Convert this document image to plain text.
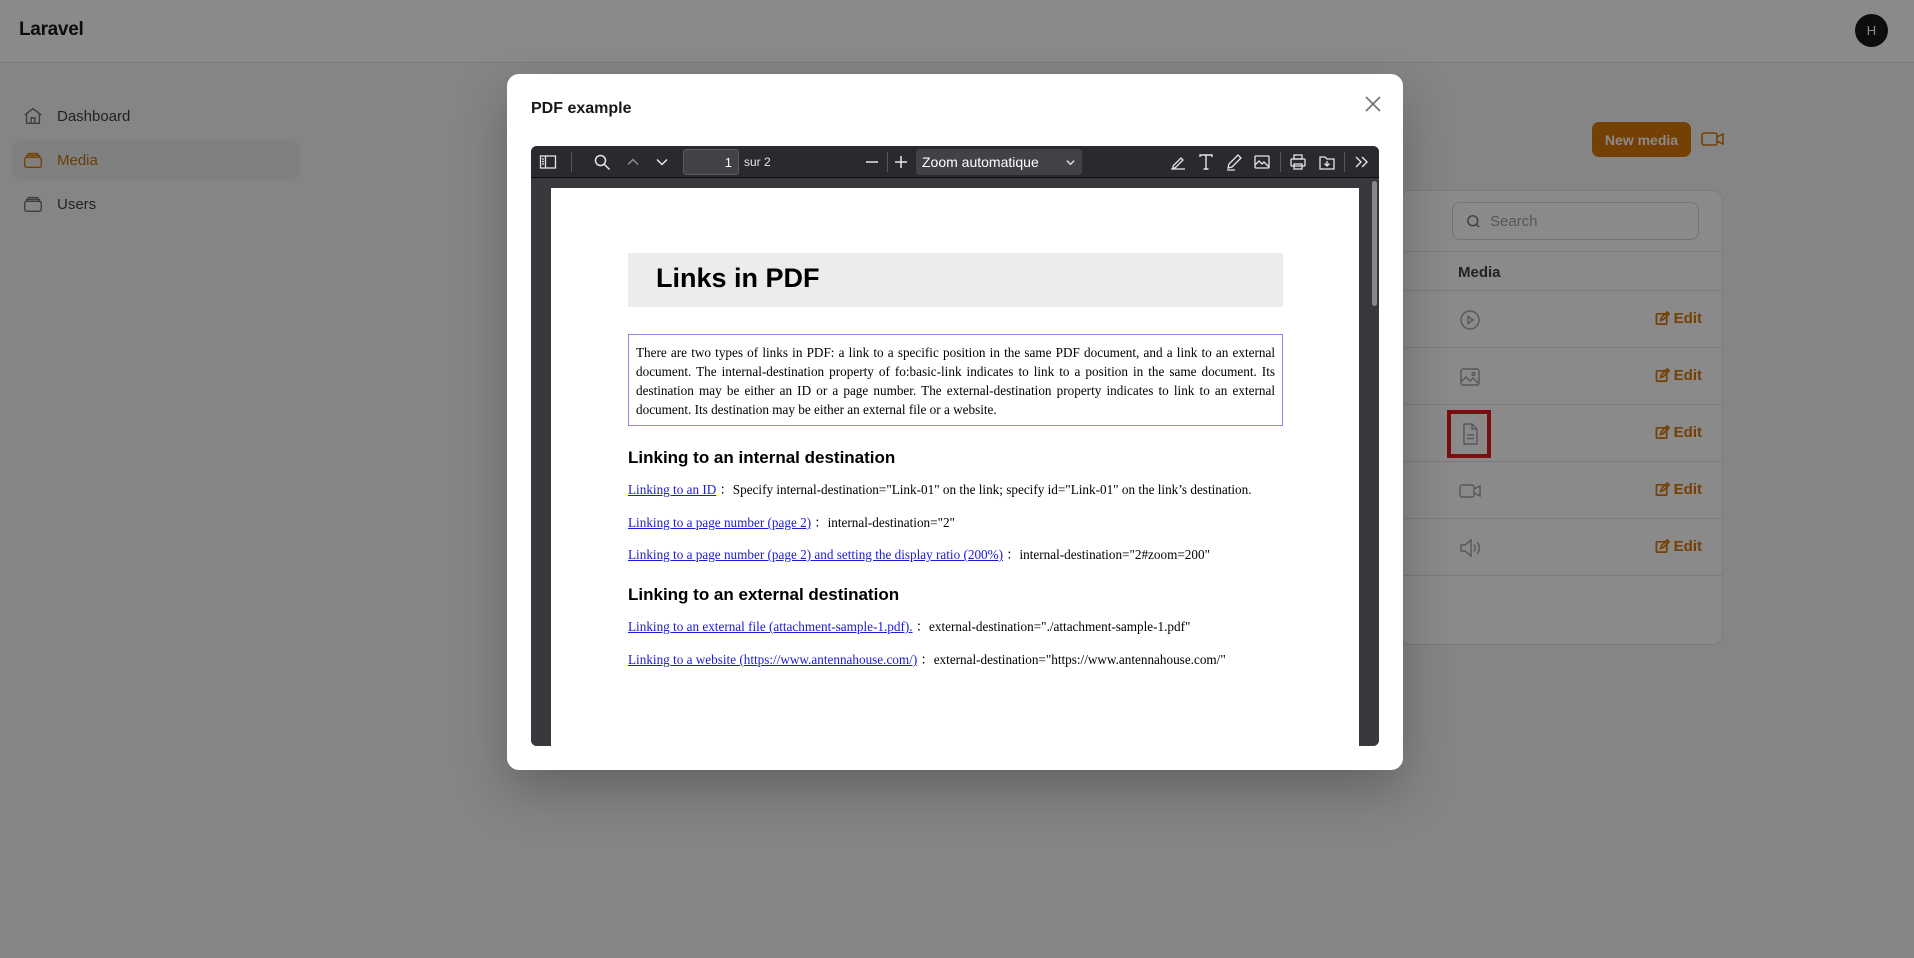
Laravel	H
Dashboard
Media
Users
New media
Search
Media
Edit
Edit
Edit
Edit
Edit
PDF example
1
sur 2	Zoom automatique
Links in PDF
There are two types of links in PDF: a link to a specific position in the same PDF document, and a link to an external document. The internal-destination property of fo:basic-link indicates to link to a position in the same document. Its destination may be either an ID or a page number. The external-destination property indicates to link to an external document. Its destination may be either an external file or a website.
Linking to an internal destination
Linking to an ID ：Specify internal-destination="Link-01" on the link; specify id="Link-01" on the link’s destination.
Linking to a page number (page 2) ：internal-destination="2"
Linking to a page number (page 2) and setting the display ratio (200%) ：internal-destination="2#zoom=200"
Linking to an external destination
Linking to an external file (attachment-sample-1.pdf). ：external-destination="./attachment-sample-1.pdf"
Linking to a website (https://www.antennahouse.com/) ：external-destination="https://www.antennahouse.com/"
